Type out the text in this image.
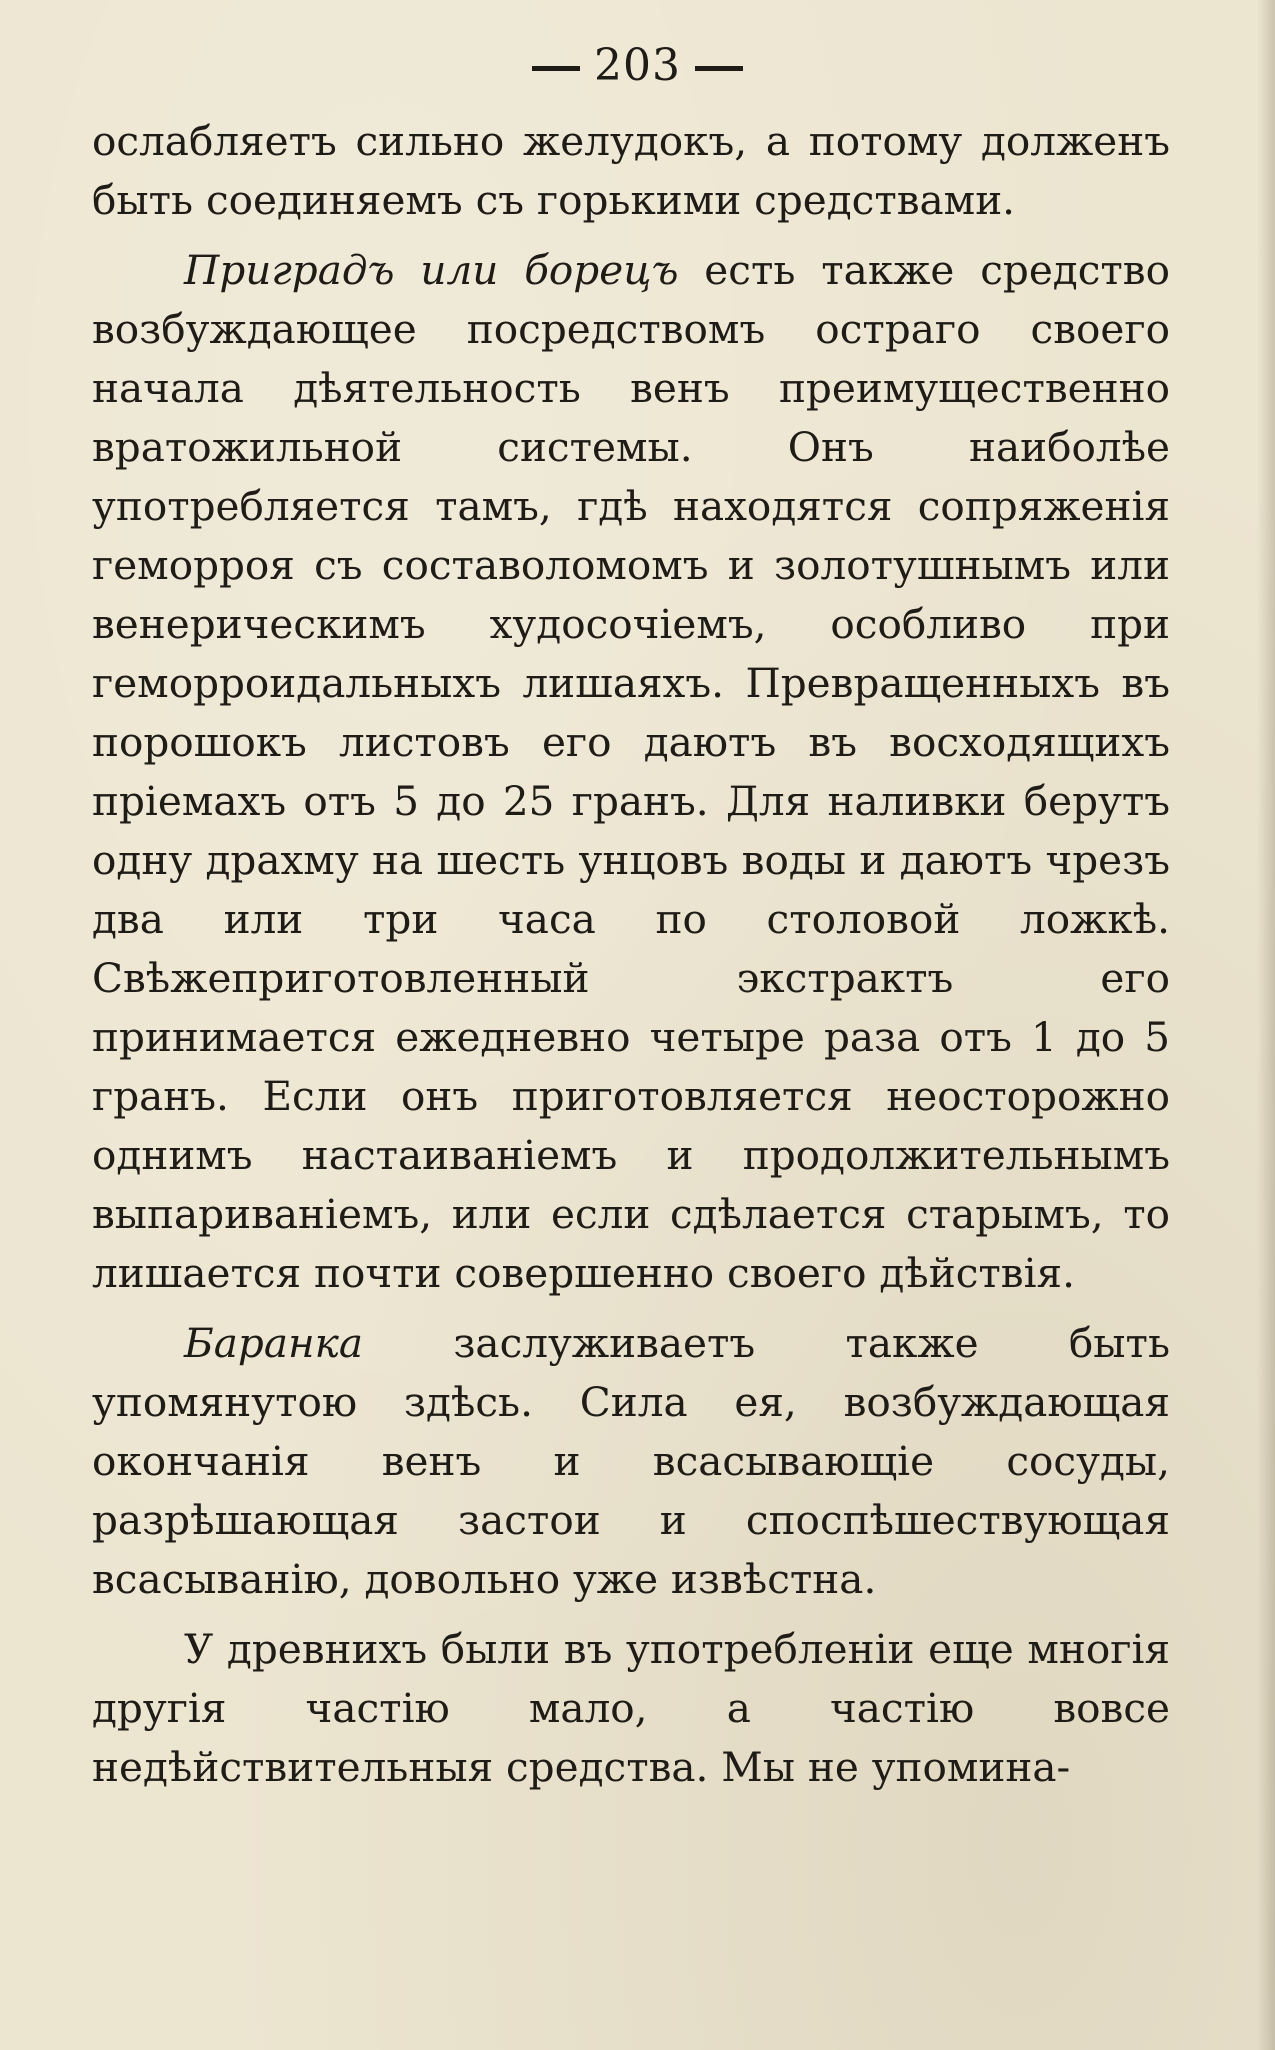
203

ослабляетъ сильно желудокъ, а потому долженъ быть соединяемъ съ горькими средствами.

Приградъ или борецъ есть также средство возбуждающее посредствомъ остраго своего начала дѣятельность венъ преимущественно вратожильной системы. Онъ наиболѣе употребляется тамъ, гдѣ находятся сопряженія геморроя съ составоломомъ и золотушнымъ или венерическимъ худосочіемъ, особливо при геморроидальныхъ лишаяхъ. Превращенныхъ въ порошокъ листовъ его даютъ въ восходящихъ пріемахъ отъ 5 до 25 гранъ. Для наливки берутъ одну драхму на шесть унцовъ воды и даютъ чрезъ два или три часа по столовой ложкѣ. Свѣжеприготовленный экстрактъ его принимается ежедневно четыре раза отъ 1 до 5 гранъ. Если онъ приготовляется неосторожно однимъ настаиваніемъ и продолжительнымъ выпариваніемъ, или если сдѣлается старымъ, то лишается почти совершенно своего дѣйствія.

Баранка заслуживаетъ также быть упомянутою здѣсь. Сила ея, возбуждающая окончанія венъ и всасывающіе сосуды, разрѣшающая застои и споспѣшествующая всасыванію, довольно уже извѣстна.

У древнихъ были въ употребленіи еще многія другія частію мало, а частію вовсе недѣйствительныя средства. Мы не упомина-
